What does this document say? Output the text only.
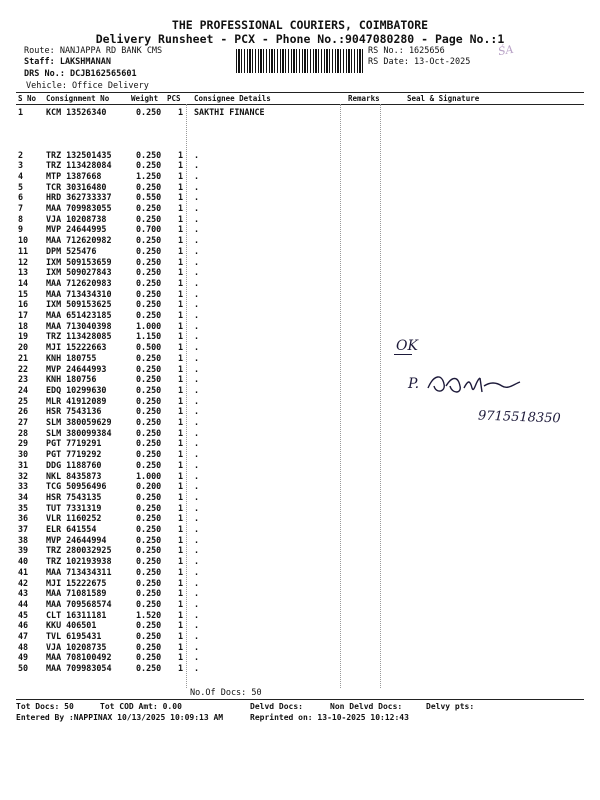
THE PROFESSIONAL COURIERS, COIMBATORE
Delivery Runsheet - PCX - Phone No.:9047080280 - Page No.:1
Route: NANJAPPA RD BANK CMS
Staff: LAKSHMANAN
DRS No.: DCJB162565601
Vehicle: Office Delivery
RS No.: 1625656
RS Date: 13-Oct-2025
ŚA
S No Consignment No	Weight PCS Consignee Details	Remarks	Seal & Signature
1	KCM 13526340	0.250 1 SAKTHI FINANCE
2	TRZ 132501435	0.250 1 .
3	TRZ 113428084	0.250 1 .
4	MTP 1387668	1.250 1 .
5	TCR 30316480	0.250 1 .
6	HRD 362733337	0.550 1 .
7	MAA 709983055	0.250 1 .
8	VJA 10208738	0.250 1 .
9	MVP 24644995	0.700 1 .
10 MAA 712620982	0.250 1 .
11 DPM 525476	0.250 1 .
12 IXM 509153659	0.250 1 .
13 IXM 509027843	0.250 1 .
14 MAA 712620983	0.250 1 .
15 MAA 713434310	0.250 1 .
16 IXM 509153625	0.250 1 .
17 MAA 651423185	0.250 1 .
18 MAA 713040398	1.000 1 .
19 TRZ 113428085	1.150 1 .
20 MJI 15222663	0.500 1 .
21 KNH 180755	0.250 1 .
22 MVP 24644993	0.250 1 .
23 KNH 180756	0.250 1 .
24 EDQ 10299630	0.250 1 .
25 MLR 41912089	0.250 1 .
26 HSR 7543136	0.250 1 .
27 SLM 380059629	0.250 1 .
28 SLM 380099384	0.250 1 .
29 PGT 7719291	0.250 1 .
30 PGT 7719292	0.250 1 .
31 DDG 1188760	0.250 1 .
32 NKL 8435873	1.000 1 .
33 TCG 50956496	0.200 1 .
34 HSR 7543135	0.250 1 .
35 TUT 7331319	0.250 1 .
36 VLR 1160252	0.250 1 .
37 ELR 641554	0.250 1 .
38 MVP 24644994	0.250 1 .
39 TRZ 280032925	0.250 1 .
40 TRZ 102193938	0.250 1 .
41 MAA 713434311	0.250 1 .
42 MJI 15222675	0.250 1 .
43 MAA 71081589	0.250 1 .
44 MAA 709568574	0.250 1 .
45 CLT 16311181	1.520 1 .
46 KKU 406501	0.250 1 .
47 TVL 6195431	0.250 1 .
48 VJA 10208735	0.250 1 .
49 MAA 708100492	0.250 1 .
50 MAA 709983054	0.250 1 .
No.Of Docs: 50
OK
P.
9715518350
Tot Docs: 50	Tot COD Amt: 0.00	Delvd Docs:	Non Delvd Docs:	Delvy pts:
Entered By :NAPPINAX 10/13/2025 10:09:13 AM	Reprinted on: 13-10-2025 10:12:43
